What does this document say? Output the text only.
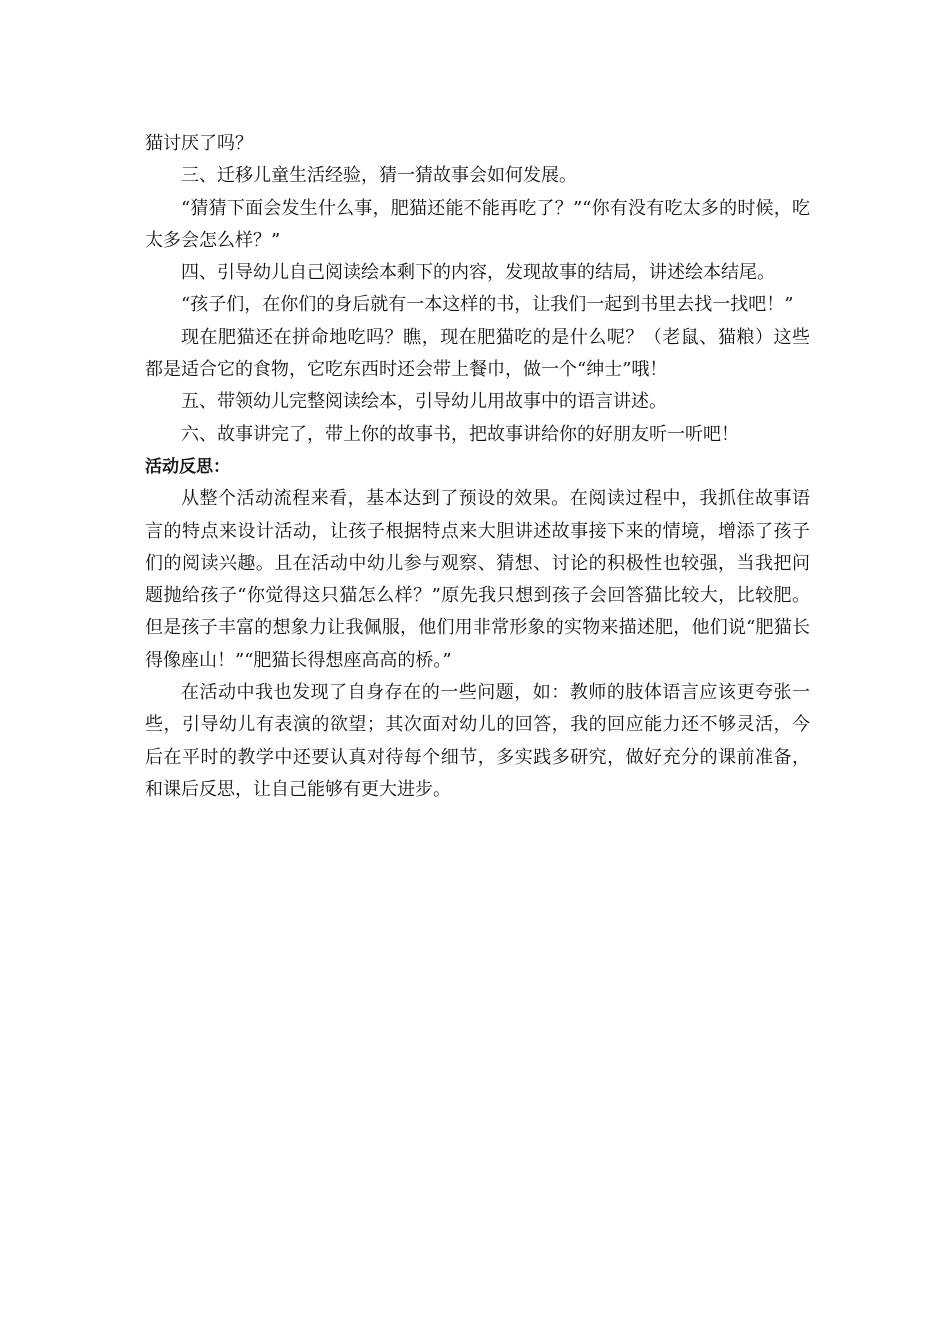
猫讨厌了吗？

三、迁移儿童生活经验，猜一猜故事会如何发展。

“猜猜下面会发生什么事，肥猫还能不能再吃了？”“你有没有吃太多的时候，吃太多会怎么样？”

四、引导幼儿自己阅读绘本剩下的内容，发现故事的结局，讲述绘本结尾。

“孩子们，在你们的身后就有一本这样的书，让我们一起到书里去找一找吧！”

现在肥猫还在拼命地吃吗？瞧，现在肥猫吃的是什么呢？（老鼠、猫粮）这些都是适合它的食物，它吃东西时还会带上餐巾，做一个“绅士”哦！

五、带领幼儿完整阅读绘本，引导幼儿用故事中的语言讲述。

六、故事讲完了，带上你的故事书，把故事讲给你的好朋友听一听吧！

活动反思：

从整个活动流程来看，基本达到了预设的效果。在阅读过程中，我抓住故事语言的特点来设计活动，让孩子根据特点来大胆讲述故事接下来的情境，增添了孩子们的阅读兴趣。且在活动中幼儿参与观察、猜想、讨论的积极性也较强，当我把问题抛给孩子“你觉得这只猫怎么样？”原先我只想到孩子会回答猫比较大，比较肥。但是孩子丰富的想象力让我佩服，他们用非常形象的实物来描述肥，他们说“肥猫长得像座山！”“肥猫长得想座高高的桥。”

在活动中我也发现了自身存在的一些问题，如：教师的肢体语言应该更夸张一些，引导幼儿有表演的欲望；其次面对幼儿的回答，我的回应能力还不够灵活，今后在平时的教学中还要认真对待每个细节，多实践多研究，做好充分的课前准备，和课后反思，让自己能够有更大进步。
